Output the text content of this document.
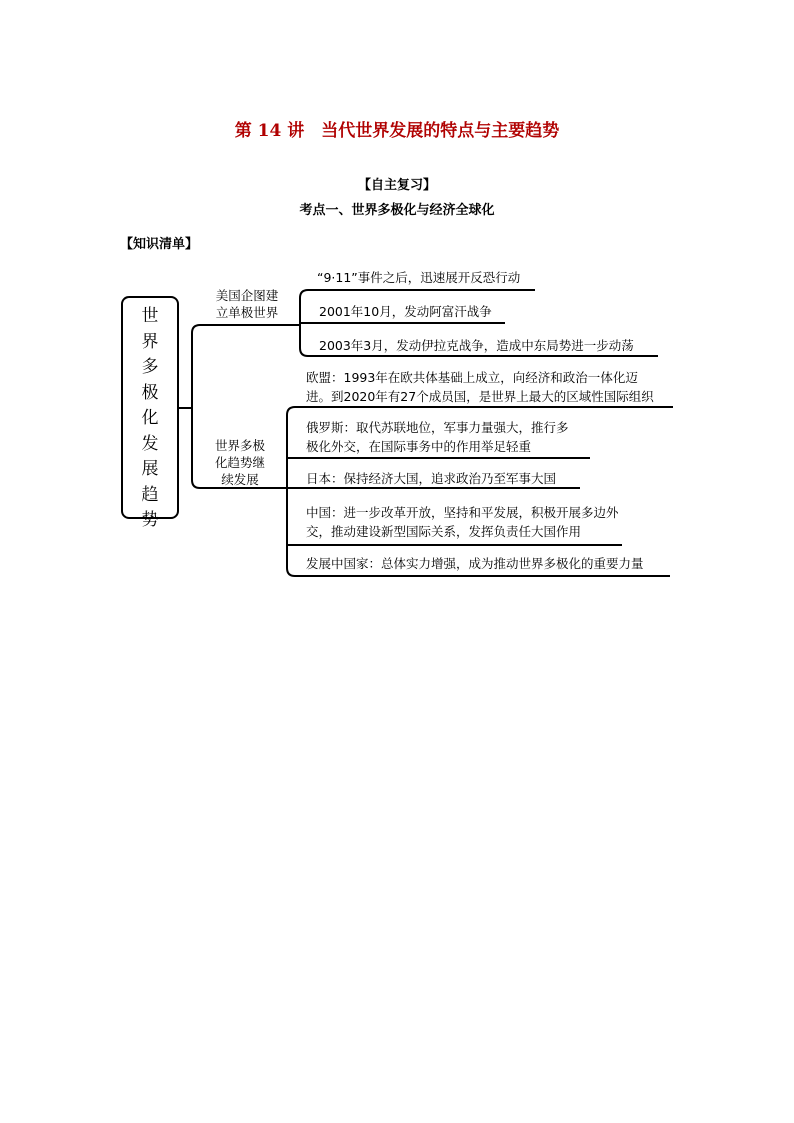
第 14 讲　当代世界发展的特点与主要趋势
【自主复习】
考点一、世界多极化与经济全球化
【知识清单】
世
界
多
极
化
发
展
趋
势
美国企图建
立单极世界
世界多极
化趋势继
续发展
“9·11”事件之后，迅速展开反恐行动
2001年10月，发动阿富汗战争
2003年3月，发动伊拉克战争，造成中东局势进一步动荡
欧盟：1993年在欧共体基础上成立，向经济和政治一体化迈
进。到2020年有27个成员国，是世界上最大的区域性国际组织
俄罗斯：取代苏联地位，军事力量强大，推行多
极化外交，在国际事务中的作用举足轻重
日本：保持经济大国，追求政治乃至军事大国
中国：进一步改革开放，坚持和平发展，积极开展多边外
交，推动建设新型国际关系，发挥负责任大国作用
发展中国家：总体实力增强，成为推动世界多极化的重要力量
